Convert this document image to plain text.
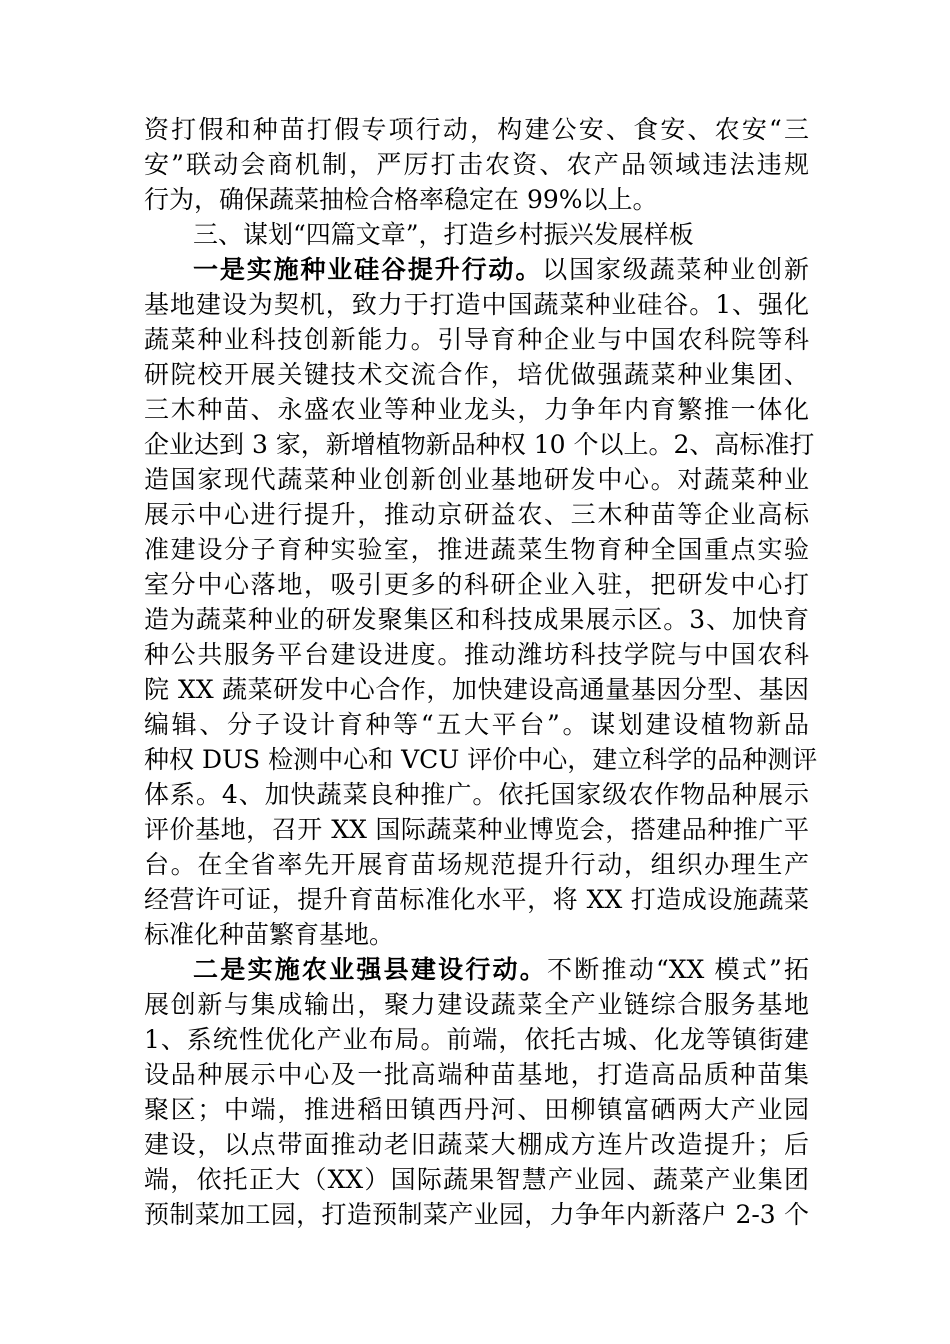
资打假和种苗打假专项行动，构建公安、食安、农安“三
安”联动会商机制，严厉打击农资、农产品领域违法违规
行为，确保蔬菜抽检合格率稳定在 99%以上。
三、谋划“四篇文章”，打造乡村振兴发展样板
一是实施种业硅谷提升行动。以国家级蔬菜种业创新
基地建设为契机，致力于打造中国蔬菜种业硅谷。1、强化
蔬菜种业科技创新能力。引导育种企业与中国农科院等科
研院校开展关键技术交流合作，培优做强蔬菜种业集团、
三木种苗、永盛农业等种业龙头，力争年内育繁推一体化
企业达到 3 家，新增植物新品种权 10 个以上。2、高标准打
造国家现代蔬菜种业创新创业基地研发中心。对蔬菜种业
展示中心进行提升，推动京研益农、三木种苗等企业高标
准建设分子育种实验室，推进蔬菜生物育种全国重点实验
室分中心落地，吸引更多的科研企业入驻，把研发中心打
造为蔬菜种业的研发聚集区和科技成果展示区。3、加快育
种公共服务平台建设进度。推动潍坊科技学院与中国农科
院 XX 蔬菜研发中心合作，加快建设高通量基因分型、基因
编辑、分子设计育种等“五大平台”。谋划建设植物新品
种权 DUS 检测中心和 VCU 评价中心，建立科学的品种测评
体系。4、加快蔬菜良种推广。依托国家级农作物品种展示
评价基地，召开 XX 国际蔬菜种业博览会，搭建品种推广平
台。在全省率先开展育苗场规范提升行动，组织办理生产
经营许可证，提升育苗标准化水平，将 XX 打造成设施蔬菜
标准化种苗繁育基地。
二是实施农业强县建设行动。不断推动“XX 模式”拓
展创新与集成输出，聚力建设蔬菜全产业链综合服务基地
1、系统性优化产业布局。前端，依托古城、化龙等镇街建
设品种展示中心及一批高端种苗基地，打造高品质种苗集
聚区；中端，推进稻田镇西丹河、田柳镇富硒两大产业园
建设，以点带面推动老旧蔬菜大棚成方连片改造提升；后
端，依托正大（XX）国际蔬果智慧产业园、蔬菜产业集团
预制菜加工园，打造预制菜产业园，力争年内新落户 2-3 个
